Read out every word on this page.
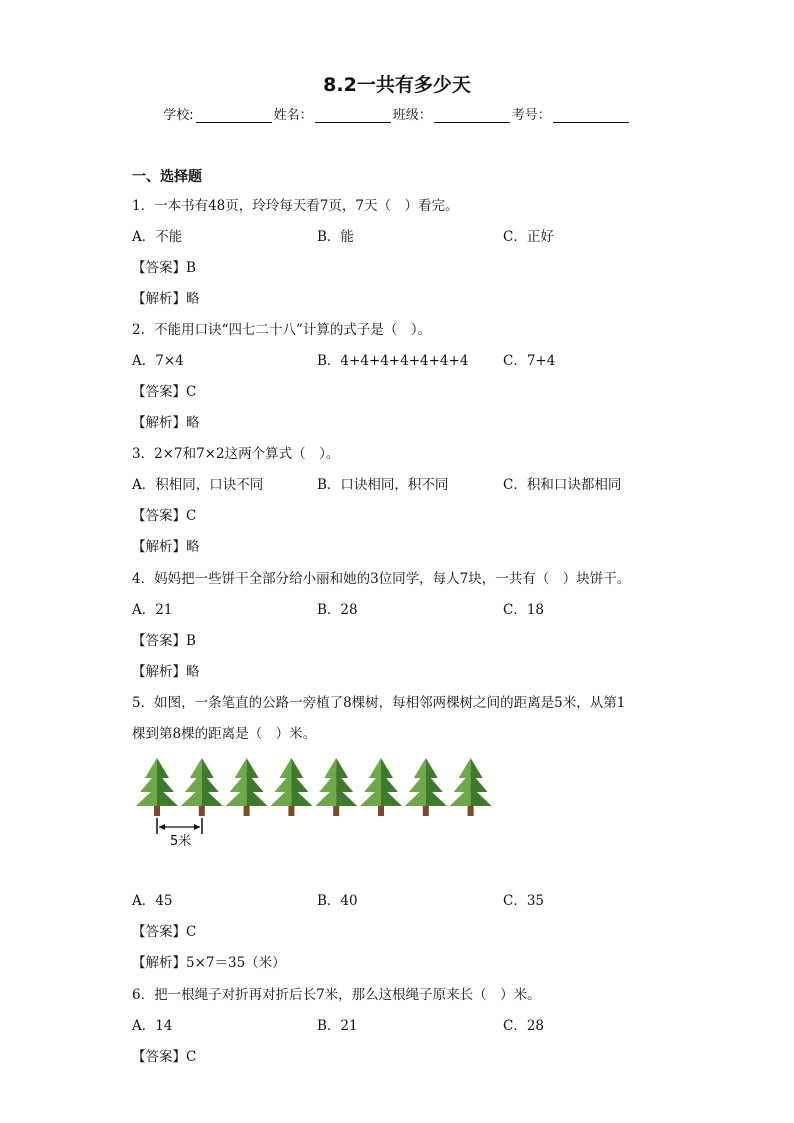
8.2一共有多少天
学校:	姓名：	班级：	考号：
一、选择题
1．一本书有48页，玲玲每天看7页，7天（　）看完。
A．不能	B．能	C．正好
【答案】B
【解析】略
2．不能用口诀“四七二十八”计算的式子是（　）。
A．7×4	B．4+4+4+4+4+4+4	C．7+4
【答案】C
【解析】略
3．2×7和7×2这两个算式（　）。
A．积相同，口诀不同	B．口诀相同，积不同	C．积和口诀都相同
【答案】C
【解析】略
4．妈妈把一些饼干全部分给小丽和她的3位同学，每人7块，一共有（　）块饼干。
A．21	B．28	C．18
【答案】B
【解析】略
5．如图，一条笔直的公路一旁植了8棵树，每相邻两棵树之间的距离是5米，从第1
棵到第8棵的距离是（　）米。
5米
A．45	B．40	C．35
【答案】C
【解析】5×7＝35（米）
6．把一根绳子对折再对折后长7米，那么这根绳子原来长（　）米。
A．14	B．21	C．28
【答案】C
